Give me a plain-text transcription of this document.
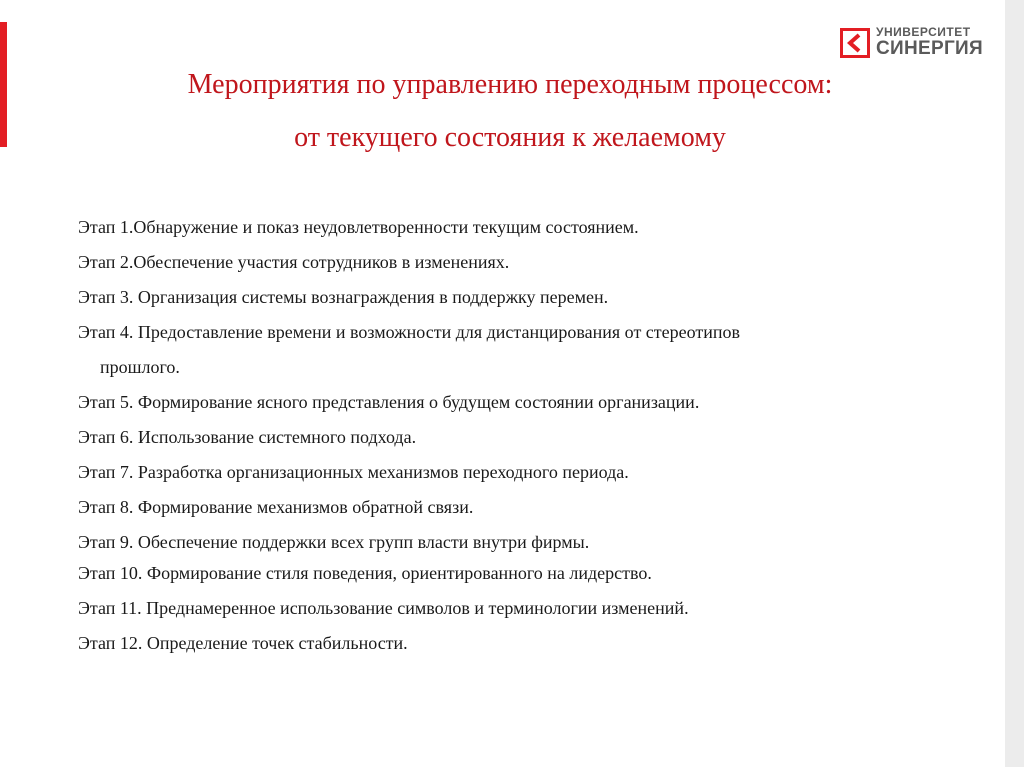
УНИВЕРСИТЕТ
СИНЕРГИЯ
Мероприятия по управлению переходным процессом:
от текущего состояния к желаемому
Этап 1.Обнаружение и показ неудовлетворенности текущим состоянием.
Этап 2.Обеспечение участия сотрудников в изменениях.
Этап 3. Организация системы вознаграждения в поддержку перемен.
Этап 4. Предоставление времени и возможности для дистанцирования от стереотипов
прошлого.
Этап 5. Формирование ясного представления о будущем состоянии организации.
Этап 6. Использование системного подхода.
Этап 7. Разработка организационных механизмов переходного периода.
Этап 8. Формирование механизмов обратной связи.
Этап 9. Обеспечение поддержки всех групп власти внутри фирмы.
Этап 10. Формирование стиля поведения, ориентированного на лидерство.
Этап 11. Преднамеренное использование символов и терминологии изменений.
Этап 12. Определение точек стабильности.
